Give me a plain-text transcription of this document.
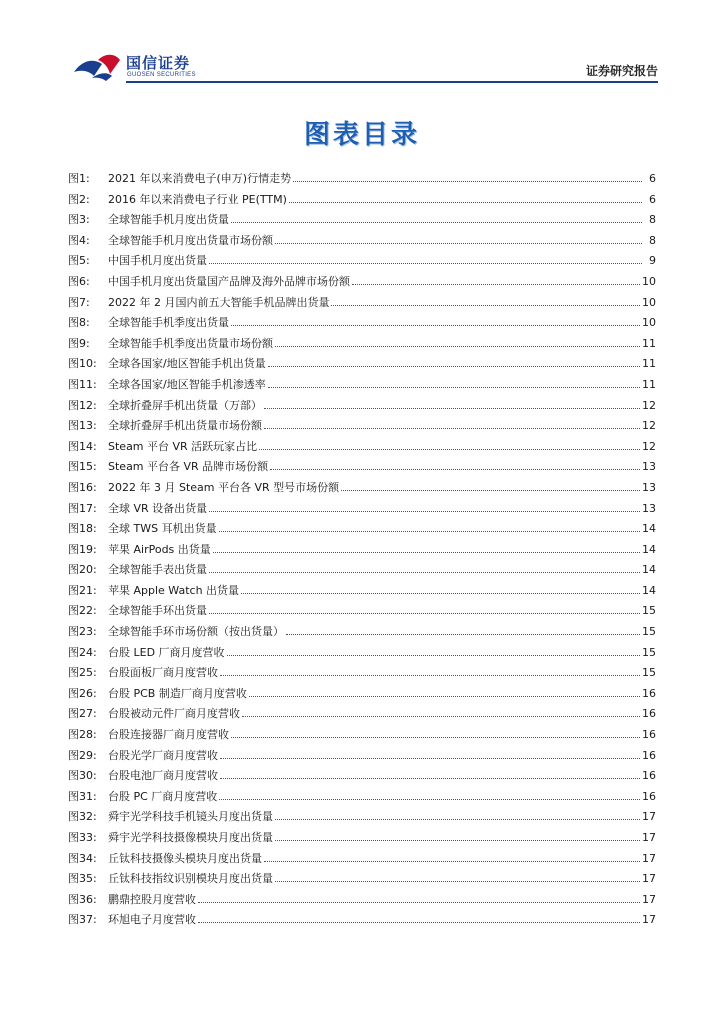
国信证券
GUOSEN SECURITIES	证券研究报告
图表目录
图1:	2021 年以来消费电子(申万)行情走势	6
图2:	2016 年以来消费电子行业 PE(TTM)	6
图3:	全球智能手机月度出货量	8
图4:	全球智能手机月度出货量市场份额	8
图5:	中国手机月度出货量	9
图6:	中国手机月度出货量国产品牌及海外品牌市场份额	10
图7:	2022 年 2 月国内前五大智能手机品牌出货量	10
图8:	全球智能手机季度出货量	10
图9:	全球智能手机季度出货量市场份额	11
图10:	全球各国家/地区智能手机出货量	11
图11:	全球各国家/地区智能手机渗透率	11
图12:	全球折叠屏手机出货量（万部）	12
图13:	全球折叠屏手机出货量市场份额	12
图14:	Steam 平台 VR 活跃玩家占比	12
图15:	Steam 平台各 VR 品牌市场份额	13
图16:	2022 年 3 月 Steam 平台各 VR 型号市场份额	13
图17:	全球 VR 设备出货量	13
图18:	全球 TWS 耳机出货量	14
图19:	苹果 AirPods 出货量	14
图20:	全球智能手表出货量	14
图21:	苹果 Apple Watch 出货量	14
图22:	全球智能手环出货量	15
图23:	全球智能手环市场份额（按出货量）	15
图24:	台股 LED 厂商月度营收	15
图25:	台股面板厂商月度营收	15
图26:	台股 PCB 制造厂商月度营收	16
图27:	台股被动元件厂商月度营收	16
图28:	台股连接器厂商月度营收	16
图29:	台股光学厂商月度营收	16
图30:	台股电池厂商月度营收	16
图31:	台股 PC 厂商月度营收	16
图32:	舜宇光学科技手机镜头月度出货量	17
图33:	舜宇光学科技摄像模块月度出货量	17
图34:	丘钛科技摄像头模块月度出货量	17
图35:	丘钛科技指纹识别模块月度出货量	17
图36:	鹏鼎控股月度营收	17
图37:	环旭电子月度营收	17
